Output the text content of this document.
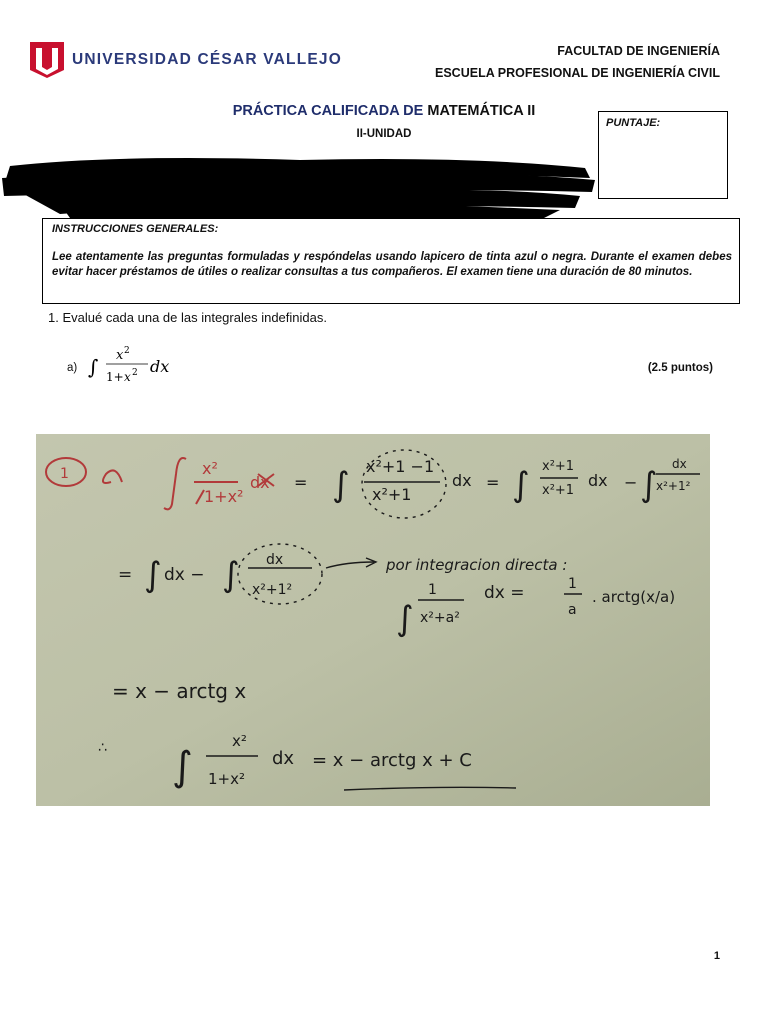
UNIVERSIDAD CÉSAR VALLEJO	FACULTAD DE INGENIERÍA
ESCUELA PROFESIONAL DE INGENIERÍA CIVIL
PRÁCTICA CALIFICADA DE MATEMÁTICA II
II-UNIDAD
PUNTAJE:
INSTRUCCIONES GENERALES:
Lee atentamente las preguntas formuladas y respóndelas usando lapicero de tinta azul o negra. Durante el examen debes evitar hacer préstamos de útiles o realizar consultas a tus compañeros. El examen tiene una duración de 80 minutos.
1. Evalué cada una de las integrales indefinidas.
a)	(2.5 puntos)
∫ x 2
1+ x 2 dx
1	x²
1+x²
dx = ∫ x²+1 −1
x²+1
dx = ∫ x²+1
x²+1
dx − ∫
dx
x²+1²
= ∫ dx − ∫ dx
x²+1²
por integracion directa :
∫
1
x²+a²
dx =	1
a
. arctg(x/a)
= x − arctg x
∴ ∫
x²
1+x²
dx = x − arctg x + C
1
